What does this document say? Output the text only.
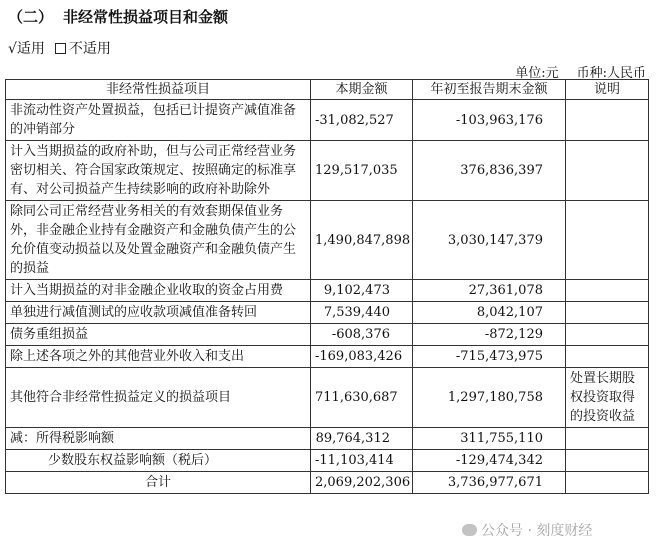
（二） 非经常性损益项目和金额
√适用 不适用
单位:元 币种:人民币
非经常性损益项目	本期金额	年初至报告期末金额	说明
非流动性资产处置损益，包括已计提资产减值准备的冲销部分	-31,082,527	-103,963,176	
计入当期损益的政府补助，但与公司正常经营业务密切相关、符合国家政策规定、按照确定的标准享有、对公司损益产生持续影响的政府补助除外	129,517,035	376,836,397	
除同公司正常经营业务相关的有效套期保值业务外，非金融企业持有金融资产和金融负债产生的公允价值变动损益以及处置金融资产和金融负债产生的损益	1,490,847,898	3,030,147,379	
计入当期损益的对非金融企业收取的资金占用费	9,102,473	27,361,078	
单独进行减值测试的应收款项减值准备转回	7,539,440	8,042,107	
债务重组损益	-608,376	-872,129	
除上述各项之外的其他营业外收入和支出	-169,083,426	-715,473,975	
其他符合非经常性损益定义的损益项目	711,630,687	1,297,180,758	处置长期股权投资取得的投资收益
减：所得税影响额	89,764,312	311,755,110	
少数股东权益影响额（税后）	-11,103,414	-129,474,342	
合计	2,069,202,306	3,736,977,671	
公众号 · 刻度财经
